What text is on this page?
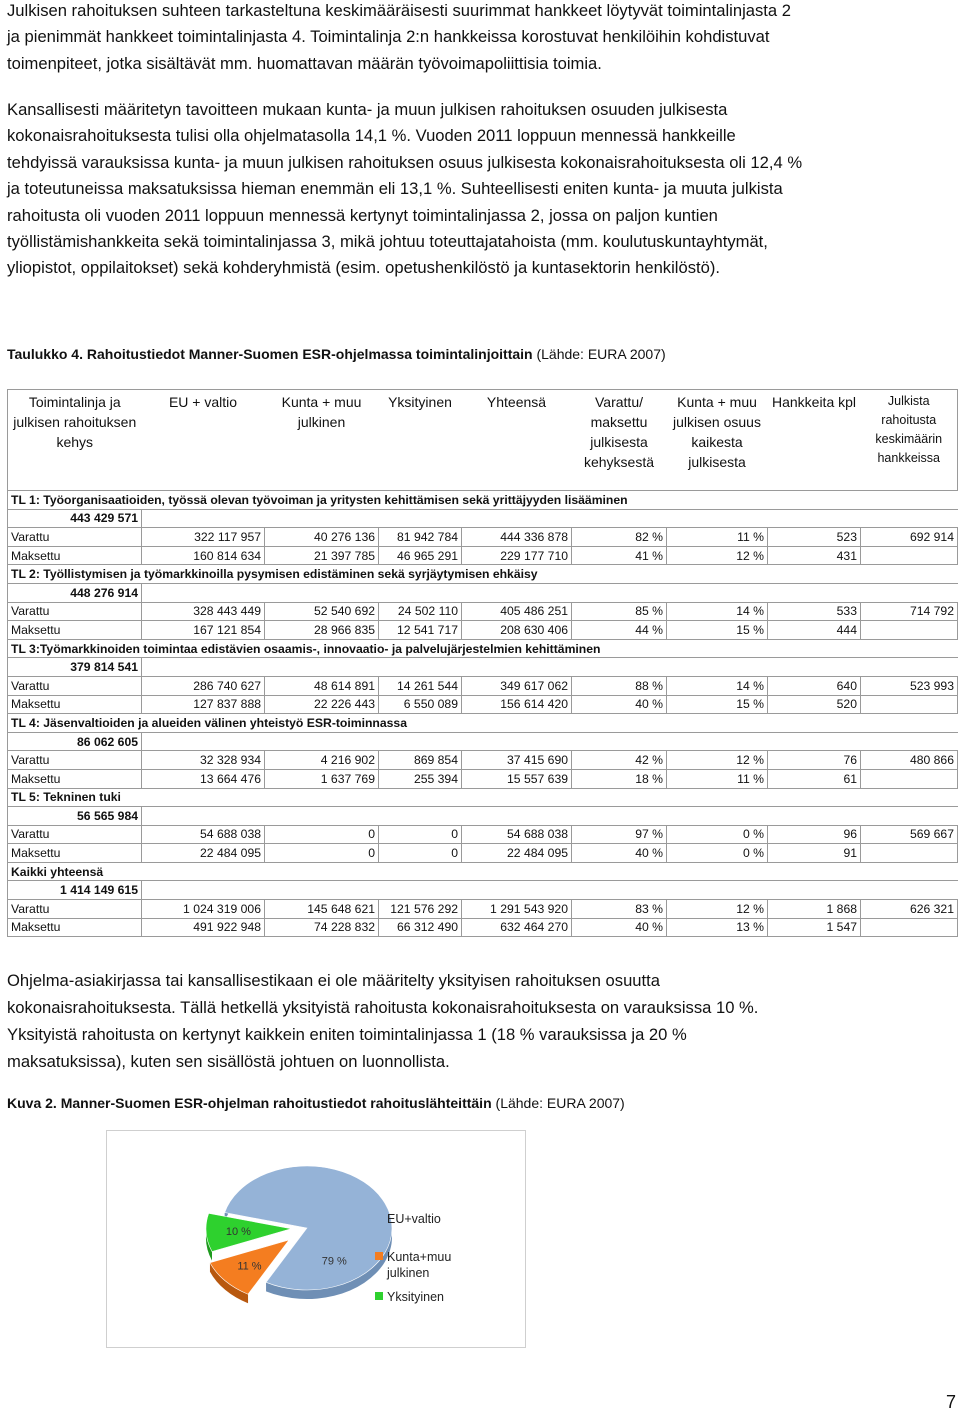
Julkisen rahoituksen suhteen tarkasteltuna keskimääräisesti suurimmat hankkeet löytyvät toimintalinjasta 2
ja pienimmät hankkeet toimintalinjasta 4. Toimintalinja 2:n hankkeissa korostuvat henkilöihin kohdistuvat
toimenpiteet, jotka sisältävät mm. huomattavan määrän työvoimapoliittisia toimia.
Kansallisesti määritetyn tavoitteen mukaan kunta- ja muun julkisen rahoituksen osuuden julkisesta
kokonaisrahoituksesta tulisi olla ohjelmatasolla 14,1 %. Vuoden 2011 loppuun mennessä hankkeille
tehdyissä varauksissa kunta- ja muun julkisen rahoituksen osuus julkisesta kokonaisrahoituksesta oli 12,4 %
ja toteutuneissa maksatuksissa hieman enemmän eli 13,1 %. Suhteellisesti eniten kunta- ja muuta julkista
rahoitusta oli vuoden 2011 loppuun mennessä kertynyt toimintalinjassa 2, jossa on paljon kuntien
työllistämishankkeita sekä toimintalinjassa 3, mikä johtuu toteuttajatahoista (mm. koulutuskuntayhtymät,
yliopistot, oppilaitokset) sekä kohderyhmistä (esim. opetushenkilöstö ja kuntasektorin henkilöstö).
Taulukko 4. Rahoitustiedot Manner-Suomen ESR-ohjelmassa toimintalinjoittain (Lähde: EURA 2007)
Toimintalinja ja julkisen rahoituksen kehys	EU + valtio	Kunta + muu julkinen	Yksityinen	Yhteensä	Varattu/ maksettu julkisesta kehyksestä	Kunta + muu julkisen osuus kaikesta julkisesta	Hankkeita kpl	Julkista rahoitusta keskimäärin hankkeissa
TL 1: Työorganisaatioiden, työssä olevan työvoiman ja yritysten kehittämisen sekä yrittäjyyden lisääminen								
443 429 571								
Varattu	322 117 957	40 276 136	81 942 784	444 336 878	82 %	11 %	523	692 914
Maksettu	160 814 634	21 397 785	46 965 291	229 177 710	41 %	12 %	431	
TL 2: Työllistymisen ja työmarkkinoilla pysymisen edistäminen sekä syrjäytymisen ehkäisy								
448 276 914								
Varattu	328 443 449	52 540 692	24 502 110	405 486 251	85 %	14 %	533	714 792
Maksettu	167 121 854	28 966 835	12 541 717	208 630 406	44 %	15 %	444	
TL 3:Työmarkkinoiden toimintaa edistävien osaamis-, innovaatio- ja palvelujärjestelmien kehittäminen								
379 814 541								
Varattu	286 740 627	48 614 891	14 261 544	349 617 062	88 %	14 %	640	523 993
Maksettu	127 837 888	22 226 443	6 550 089	156 614 420	40 %	15 %	520	
TL 4: Jäsenvaltioiden ja alueiden välinen yhteistyö ESR-toiminnassa								
86 062 605								
Varattu	32 328 934	4 216 902	869 854	37 415 690	42 %	12 %	76	480 866
Maksettu	13 664 476	1 637 769	255 394	15 557 639	18 %	11 %	61	
TL 5: Tekninen tuki								
56 565 984								
Varattu	54 688 038	0	0	54 688 038	97 %	0 %	96	569 667
Maksettu	22 484 095	0	0	22 484 095	40 %	0 %	91	
Kaikki yhteensä								
1 414 149 615								
Varattu	1 024 319 006	145 648 621	121 576 292	1 291 543 920	83 %	12 %	1 868	626 321
Maksettu	491 922 948	74 228 832	66 312 490	632 464 270	40 %	13 %	1 547	
Ohjelma-asiakirjassa tai kansallisestikaan ei ole määritelty yksityisen rahoituksen osuutta
kokonaisrahoituksesta. Tällä hetkellä yksityistä rahoitusta kokonaisrahoituksesta on varauksissa 10 %.
Yksityistä rahoitusta on kertynyt kaikkein eniten toimintalinjassa 1 (18 % varauksissa ja 20 %
maksatuksissa), kuten sen sisällöstä johtuen on luonnollista.
Kuva 2. Manner-Suomen ESR-ohjelman rahoitustiedot rahoituslähteittäin (Lähde: EURA 2007)
79 %
11 %
10 %
EU+valtio
Kunta+muu
julkinen
Yksityinen
7
